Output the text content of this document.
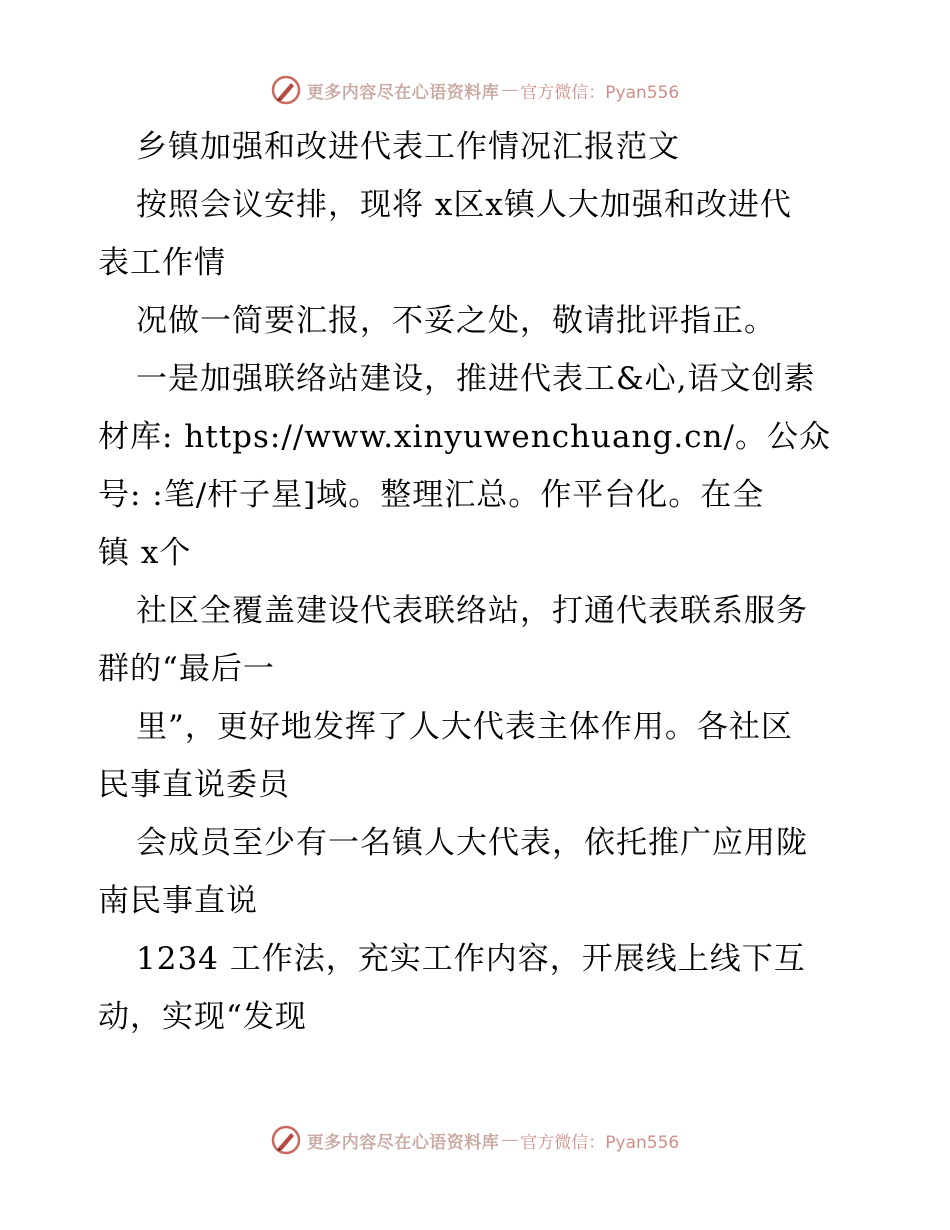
更多内容尽在心语资料库 — 官方微信：Pyan556
乡镇加强和改进代表工作情况汇报范文
按照会议安排，现将 x区x镇人大加强和改进代
表工作情
况做一简要汇报，不妥之处，敬请批评指正。
一是加强联络站建设，推进代表工&心,语文创素
材库: https://www.xinyuwenchuang.cn/。公众
号: :笔/杆子星]域。整理汇总。作平台化。在全
镇 x个
社区全覆盖建设代表联络站，打通代表联系服务
群的“最后一
里”，更好地发挥了人大代表主体作用。各社区
民事直说委员
会成员至少有一名镇人大代表，依托推广应用陇
南民事直说
1234 工作法，充实工作内容，开展线上线下互
动，实现“发现
更多内容尽在心语资料库 — 官方微信：Pyan556
